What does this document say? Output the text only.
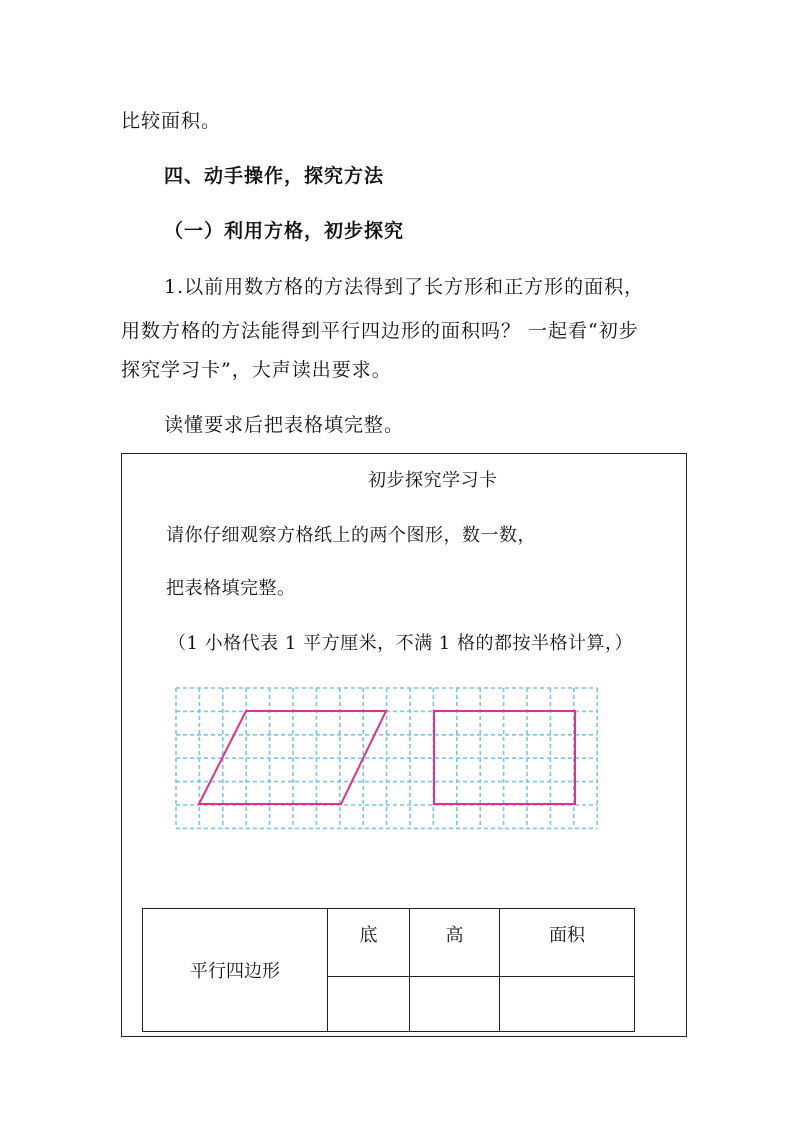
比较面积。
四、动手操作，探究方法
（一）利用方格，初步探究
1.以前用数方格的方法得到了长方形和正方形的面积，
用数方格的方法能得到平行四边形的面积吗？ 一起看“初步
探究学习卡”，大声读出要求。
读懂要求后把表格填完整。
初步探究学习卡
请你仔细观察方格纸上的两个图形，数一数，
把表格填完整。
（1 小格代表 1 平方厘米，不满 1 格的都按半格计算，）
平行四边形	底	高	面积
